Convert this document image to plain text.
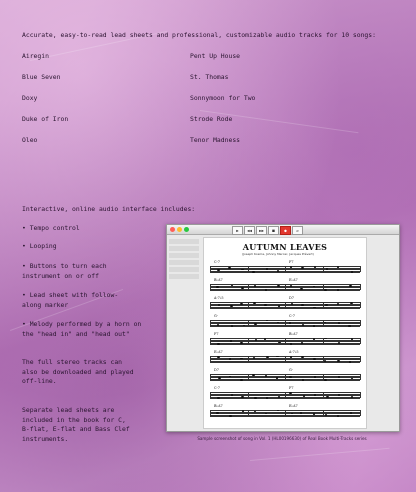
Accurate, easy-to-read lead sheets and professional, customizable audio tracks for 10 songs:
Airegin
Blue Seven
Doxy
Duke of Iron
Oleo
Pent Up House
St. Thomas
Sonnymoon for Two
Strode Rode
Tenor Madness
Interactive, online audio interface includes:
• Tempo control
• Looping
• Buttons to turn each instrument on or off
• Lead sheet with follow-along marker
• Melody performed by a horn on the "head in" and "head out"
The full stereo tracks can also be downloaded and played off-line.
Separate lead sheets are included in the book for C, B-flat, E-flat and Bass Clef instruments.
▶	◀◀	▶▶	■	●	↺
AUTUMN LEAVES
(Joseph Kosma, Johnny Mercer, Jacques Prévert)
C-7	F7
B♭Δ7	E♭Δ7
A-7♭5	D7
G-	C-7
F7	B♭Δ7
E♭Δ7	A-7♭5
D7	G-
C-7	F7
B♭Δ7	E♭Δ7
Sample screenshot of song in Vol. 1 (HL00196630) of Real Book Multi-Tracks series
